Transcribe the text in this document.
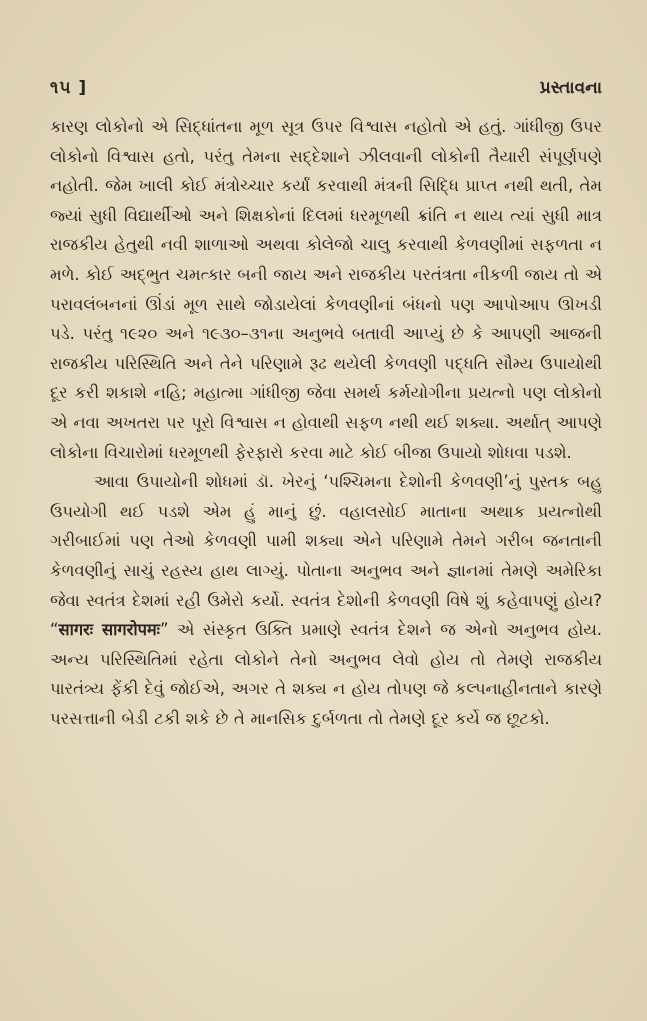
૧૫ ]	પ્રસ્તાવના

કારણ લોકોનો એ સિદ્ધાંતના મૂળ સૂત્ર ઉપર વિશ્વાસ નહોતો એ હતું. ગાંધીજી ઉપર લોકોનો વિશ્વાસ હતો, પરંતુ તેમના સદ્દેશાને ઝીલવાની લોકોની તૈયારી સંપૂર્ણપણે નહોતી. જેમ ખાલી કોઈ મંત્રોચ્ચાર કર્યાં કરવાથી મંત્રની સિદ્ધિ પ્રાપ્ત નથી થતી, તેમ જ્યાં સુધી વિદ્યાર્થીઓ અને શિક્ષકોનાં દિલમાં ધરમૂળથી ક્રાંતિ ન થાય ત્યાં સુધી માત્ર રાજકીય હેતુથી નવી શાળાઓ અથવા કોલેજો ચાલુ કરવાથી કેળવણીમાં સફળતા ન મળે. કોઈ અદ્ભુત ચમત્કાર બની જાય અને રાજકીય પરતંત્રતા નીકળી જાય તો એ પરાવલંબનનાં ઊંડાં મૂળ સાથે જોડાયેલાં કેળવણીનાં બંધનો પણ આપોઆપ ઊખડી પડે. પરંતુ ૧૯૨૦ અને ૧૯૩૦–૩૧ના અનુભવે બતાવી આપ્યું છે કે આપણી આજની રાજકીય પરિસ્થિતિ અને તેને પરિણામે રૂઢ થયેલી કેળવણી પદ્ધતિ સૌમ્ય ઉપાયોથી દૂર કરી શકાશે નહિ; મહાત્મા ગાંધીજી જેવા સમર્થ કર્મયોગીના પ્રયત્નો પણ લોકોનો એ નવા અખતરા પર પૂરો વિશ્વાસ ન હોવાથી સફળ નથી થઈ શક્યા. અર્થાત્ આપણે લોકોના વિચારોમાં ધરમૂળથી ફેરફારો કરવા માટે કોઈ બીજા ઉપાયો શોધવા પડશે.

આવા ઉપાયોની શોધમાં ડૉ. ખેરનું ‘પશ્ચિમના દેશોની કેળવણી’નું પુસ્તક બહુ ઉપયોગી થઈ પડશે એમ હું માનું છું. વહાલસોઈ માતાના અથાક પ્રયત્નોથી ગરીબાઈમાં પણ તેઓ કેળવણી પામી શક્યા એને પરિણામે તેમને ગરીબ જનતાની કેળવણીનું સાચું રહસ્ય હાથ લાગ્યું. પોતાના અનુભવ અને જ્ઞાનમાં તેમણે અમેરિકા જેવા સ્વતંત્ર દેશમાં રહી ઉમેરો કર્યો. સ્વતંત્ર દેશોની કેળવણી વિષે શું કહેવાપણું હોય? “सागरः सागरोपमः” એ સંસ્કૃત ઉક્તિ પ્રમાણે સ્વતંત્ર દેશને જ એનો અનુભવ હોય. અન્ય પરિસ્થિતિમાં રહેતા લોકોને તેનો અનુભવ લેવો હોય તો તેમણે રાજકીય પારતંત્ર્ય ફેંકી દેવું જોઈએ, અગર તે શક્ય ન હોય તોપણ જે કલ્પનાહીનતાને કારણે પરસત્તાની બેડી ટકી શકે છે તે માનસિક દુર્બળતા તો તેમણે દૂર કર્યે જ છૂટકો.
